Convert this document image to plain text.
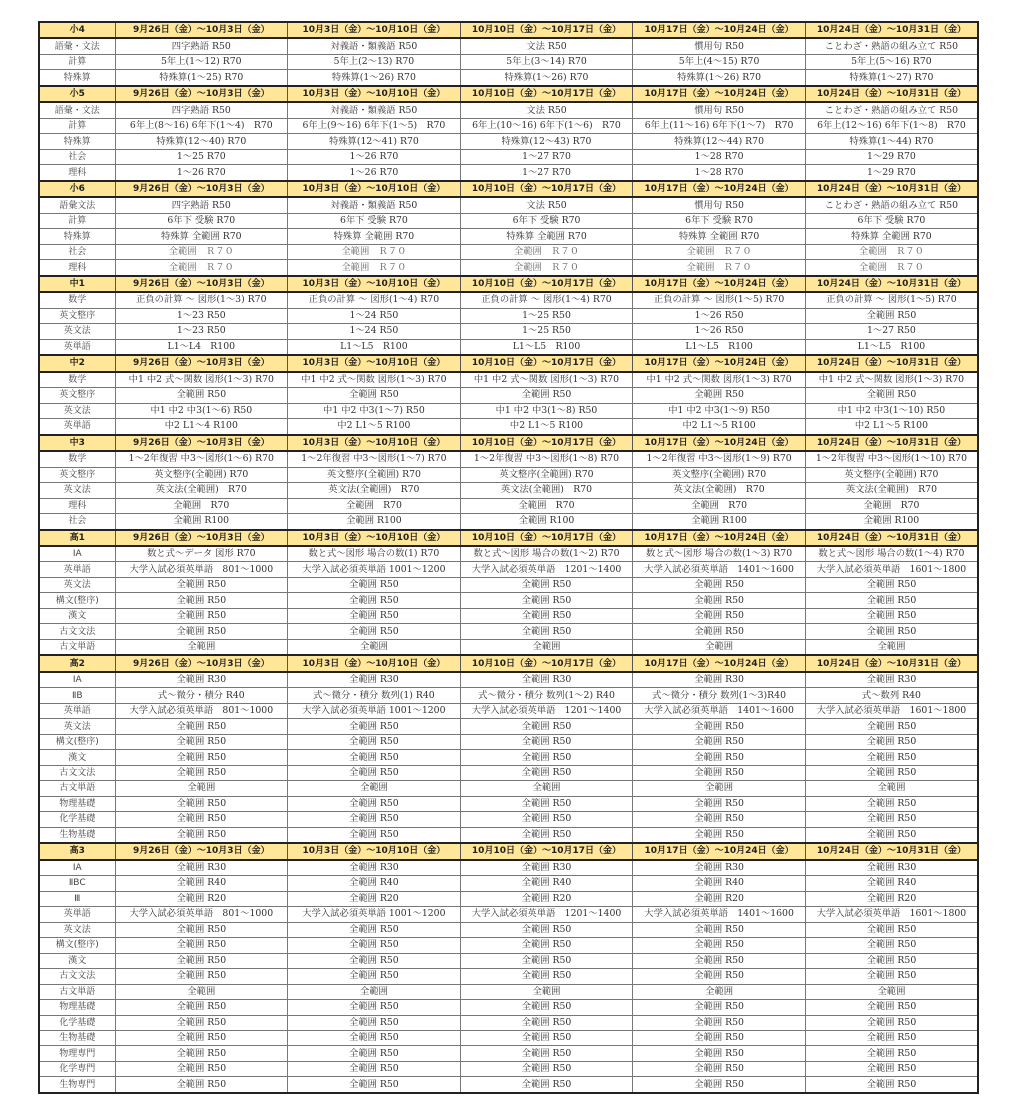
小4	9月26日（金）～10月3日（金）	10月3日（金）～10月10日（金）	10月10日（金）～10月17日（金）	10月17日（金）～10月24日（金）	10月24日（金）～10月31日（金）
語彙・文法	四字熟語 R50	対義語・類義語 R50	文法 R50	慣用句 R50	ことわざ・熟語の組み立て R50
計算	5年上(1～12) R70	5年上(2～13) R70	5年上(3～14) R70	5年上(4～15) R70	5年上(5～16) R70
特殊算	特殊算(1～25) R70	特殊算(1～26) R70	特殊算(1～26) R70	特殊算(1～26) R70	特殊算(1～27) R70
小5	9月26日（金）～10月3日（金）	10月3日（金）～10月10日（金）	10月10日（金）～10月17日（金）	10月17日（金）～10月24日（金）	10月24日（金）～10月31日（金）
語彙・文法	四字熟語 R50	対義語・類義語 R50	文法 R50	慣用句 R50	ことわざ・熟語の組み立て R50
計算	6年上(8～16) 6年下(1～4)　R70	6年上(9～16) 6年下(1～5)　R70	6年上(10～16) 6年下(1～6)　R70	6年上(11～16) 6年下(1～7)　R70	6年上(12～16) 6年下(1～8)　R70
特殊算	特殊算(12～40) R70	特殊算(12～41) R70	特殊算(12～43) R70	特殊算(12～44) R70	特殊算(1～44) R70
社会	1～25 R70	1～26 R70	1～27 R70	1～28 R70	1～29 R70
理科	1～26 R70	1～26 R70	1～27 R70	1～28 R70	1～29 R70
小6	9月26日（金）～10月3日（金）	10月3日（金）～10月10日（金）	10月10日（金）～10月17日（金）	10月17日（金）～10月24日（金）	10月24日（金）～10月31日（金）
語彙文法	四字熟語 R50	対義語・類義語 R50	文法 R50	慣用句 R50	ことわざ・熟語の組み立て R50
計算	6年下 受験 R70	6年下 受験 R70	6年下 受験 R70	6年下 受験 R70	6年下 受験 R70
特殊算	特殊算 全範囲 R70	特殊算 全範囲 R70	特殊算 全範囲 R70	特殊算 全範囲 R70	特殊算 全範囲 R70
社会	全範囲　Ｒ７０	全範囲　Ｒ７０	全範囲　Ｒ７０	全範囲　Ｒ７０	全範囲　Ｒ７０
理科	全範囲　Ｒ７０	全範囲　Ｒ７０	全範囲　Ｒ７０	全範囲　Ｒ７０	全範囲　Ｒ７０
中1	9月26日（金）～10月3日（金）	10月3日（金）～10月10日（金）	10月10日（金）～10月17日（金）	10月17日（金）～10月24日（金）	10月24日（金）～10月31日（金）
数学	正負の計算 ～ 図形(1～3) R70	正負の計算 ～ 図形(1～4) R70	正負の計算 ～ 図形(1～4) R70	正負の計算 ～ 図形(1～5) R70	正負の計算 ～ 図形(1～5) R70
英文整序	1～23 R50	1～24 R50	1～25 R50	1～26 R50	全範囲 R50
英文法	1～23 R50	1～24 R50	1～25 R50	1～26 R50	1～27 R50
英単語	L1～L4　R100	L1～L5　R100	L1～L5　R100	L1～L5　R100	L1～L5　R100
中2	9月26日（金）～10月3日（金）	10月3日（金）～10月10日（金）	10月10日（金）～10月17日（金）	10月17日（金）～10月24日（金）	10月24日（金）～10月31日（金）
数学	中1 中2 式～関数 図形(1～3) R70	中1 中2 式～関数 図形(1～3) R70	中1 中2 式～関数 図形(1～3) R70	中1 中2 式～関数 図形(1～3) R70	中1 中2 式～関数 図形(1～3) R70
英文整序	全範囲 R50	全範囲 R50	全範囲 R50	全範囲 R50	全範囲 R50
英文法	中1 中2 中3(1～6) R50	中1 中2 中3(1～7) R50	中1 中2 中3(1～8) R50	中1 中2 中3(1～9) R50	中1 中2 中3(1～10) R50
英単語	中2 L1～4 R100	中2 L1～5 R100	中2 L1～5 R100	中2 L1～5 R100	中2 L1～5 R100
中3	9月26日（金）～10月3日（金）	10月3日（金）～10月10日（金）	10月10日（金）～10月17日（金）	10月17日（金）～10月24日（金）	10月24日（金）～10月31日（金）
数学	1～2年復習 中3～図形(1～6) R70	1～2年復習 中3～図形(1～7) R70	1～2年復習 中3～図形(1～8) R70	1～2年復習 中3～図形(1～9) R70	1～2年復習 中3～図形(1～10) R70
英文整序	英文整序(全範囲) R70	英文整序(全範囲) R70	英文整序(全範囲) R70	英文整序(全範囲) R70	英文整序(全範囲) R70
英文法	英文法(全範囲)　R70	英文法(全範囲)　R70	英文法(全範囲)　R70	英文法(全範囲)　R70	英文法(全範囲)　R70
理科	全範囲　R70	全範囲　R70	全範囲　R70	全範囲　R70	全範囲　R70
社会	全範囲 R100	全範囲 R100	全範囲 R100	全範囲 R100	全範囲 R100
高1	9月26日（金）～10月3日（金）	10月3日（金）～10月10日（金）	10月10日（金）～10月17日（金）	10月17日（金）～10月24日（金）	10月24日（金）～10月31日（金）
ⅠA	数と式～データ 図形 R70	数と式～図形 場合の数(1) R70	数と式～図形 場合の数(1～2) R70	数と式～図形 場合の数(1～3) R70	数と式～図形 場合の数(1～4) R70
英単語	大学入試必須英単語　801～1000	大学入試必須英単語 1001～1200	大学入試必須英単語　1201～1400	大学入試必須英単語　1401～1600	大学入試必須英単語　1601～1800
英文法	全範囲 R50	全範囲 R50	全範囲 R50	全範囲 R50	全範囲 R50
構文(整序)	全範囲 R50	全範囲 R50	全範囲 R50	全範囲 R50	全範囲 R50
漢文	全範囲 R50	全範囲 R50	全範囲 R50	全範囲 R50	全範囲 R50
古文文法	全範囲 R50	全範囲 R50	全範囲 R50	全範囲 R50	全範囲 R50
古文単語	全範囲	全範囲	全範囲	全範囲	全範囲
高2	9月26日（金）～10月3日（金）	10月3日（金）～10月10日（金）	10月10日（金）～10月17日（金）	10月17日（金）～10月24日（金）	10月24日（金）～10月31日（金）
ⅠA	全範囲 R30	全範囲 R30	全範囲 R30	全範囲 R30	全範囲 R30
ⅡB	式～微分・積分 R40	式～微分・積分 数列(1) R40	式～微分・積分 数列(1～2) R40	式～微分・積分 数列(1～3)R40	式～数列 R40
英単語	大学入試必須英単語　801～1000	大学入試必須英単語 1001～1200	大学入試必須英単語　1201～1400	大学入試必須英単語　1401～1600	大学入試必須英単語　1601～1800
英文法	全範囲 R50	全範囲 R50	全範囲 R50	全範囲 R50	全範囲 R50
構文(整序)	全範囲 R50	全範囲 R50	全範囲 R50	全範囲 R50	全範囲 R50
漢文	全範囲 R50	全範囲 R50	全範囲 R50	全範囲 R50	全範囲 R50
古文文法	全範囲 R50	全範囲 R50	全範囲 R50	全範囲 R50	全範囲 R50
古文単語	全範囲	全範囲	全範囲	全範囲	全範囲
物理基礎	全範囲 R50	全範囲 R50	全範囲 R50	全範囲 R50	全範囲 R50
化学基礎	全範囲 R50	全範囲 R50	全範囲 R50	全範囲 R50	全範囲 R50
生物基礎	全範囲 R50	全範囲 R50	全範囲 R50	全範囲 R50	全範囲 R50
高3	9月26日（金）～10月3日（金）	10月3日（金）～10月10日（金）	10月10日（金）～10月17日（金）	10月17日（金）～10月24日（金）	10月24日（金）～10月31日（金）
ⅠA	全範囲 R30	全範囲 R30	全範囲 R30	全範囲 R30	全範囲 R30
ⅡBC	全範囲 R40	全範囲 R40	全範囲 R40	全範囲 R40	全範囲 R40
Ⅲ	全範囲 R20	全範囲 R20	全範囲 R20	全範囲 R20	全範囲 R20
英単語	大学入試必須英単語　801～1000	大学入試必須英単語 1001～1200	大学入試必須英単語　1201～1400	大学入試必須英単語　1401～1600	大学入試必須英単語　1601～1800
英文法	全範囲 R50	全範囲 R50	全範囲 R50	全範囲 R50	全範囲 R50
構文(整序)	全範囲 R50	全範囲 R50	全範囲 R50	全範囲 R50	全範囲 R50
漢文	全範囲 R50	全範囲 R50	全範囲 R50	全範囲 R50	全範囲 R50
古文文法	全範囲 R50	全範囲 R50	全範囲 R50	全範囲 R50	全範囲 R50
古文単語	全範囲	全範囲	全範囲	全範囲	全範囲
物理基礎	全範囲 R50	全範囲 R50	全範囲 R50	全範囲 R50	全範囲 R50
化学基礎	全範囲 R50	全範囲 R50	全範囲 R50	全範囲 R50	全範囲 R50
生物基礎	全範囲 R50	全範囲 R50	全範囲 R50	全範囲 R50	全範囲 R50
物理専門	全範囲 R50	全範囲 R50	全範囲 R50	全範囲 R50	全範囲 R50
化学専門	全範囲 R50	全範囲 R50	全範囲 R50	全範囲 R50	全範囲 R50
生物専門	全範囲 R50	全範囲 R50	全範囲 R50	全範囲 R50	全範囲 R50
